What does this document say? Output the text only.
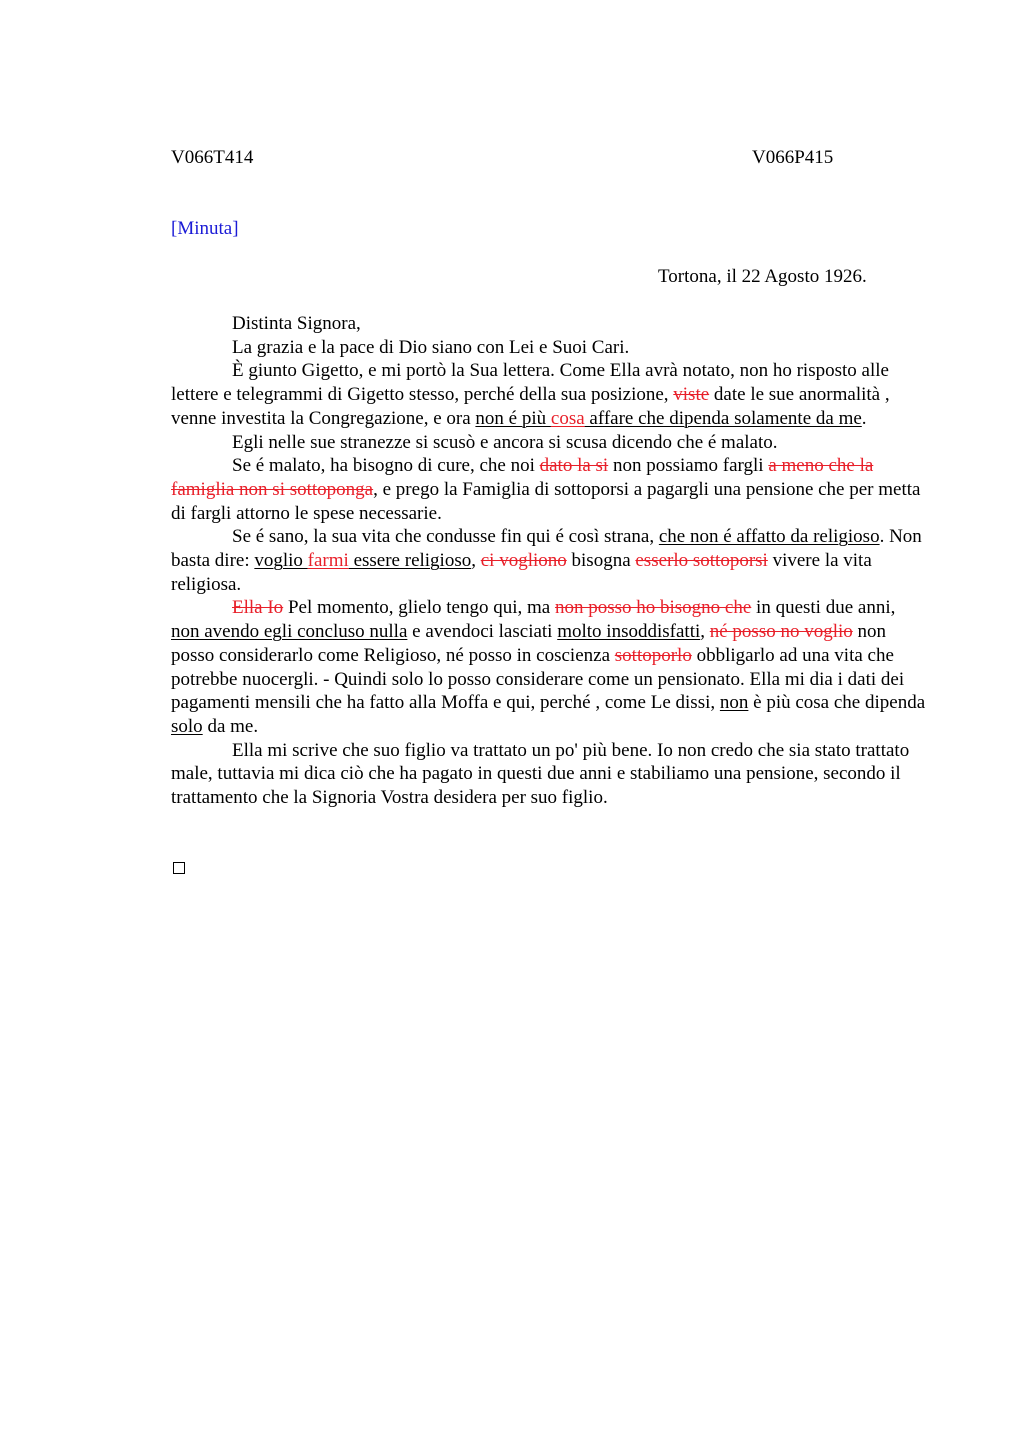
V066T414	V066P415
[Minuta]
Tortona, il 22 Agosto 1926.

Distinta Signora,

La grazia e la pace di Dio siano con Lei e Suoi Cari.

È giunto Gigetto, e mi portò la Sua lettera. Come Ella avrà notato, non ho risposto alle lettere e telegrammi di Gigetto stesso, perché della sua posizione, viste date le sue anormalità , venne investita la Congregazione, e ora non é più cosa affare che dipenda solamente da me.

Egli nelle sue stranezze si scusò e ancora si scusa dicendo che é malato.

Se é malato, ha bisogno di cure, che noi dato la si non possiamo fargli a meno che la famiglia non si sottoponga, e prego la Famiglia di sottoporsi a pagargli una pensione che per metta di fargli attorno le spese necessarie.

Se é sano, la sua vita che condusse fin qui é così strana, che non é affatto da religioso. Non basta dire: voglio farmi essere religioso, ci vogliono bisogna esserlo sottoporsi vivere la vita religiosa.

Ella Io Pel momento, glielo tengo qui, ma non posso ho bisogno che in questi due anni, non avendo egli concluso nulla e avendoci lasciati molto insoddisfatti, né posso no voglio non posso considerarlo come Religioso, né posso in coscienza sottoporlo obbligarlo ad una vita che potrebbe nuocergli. - Quindi solo lo posso considerare come un pensionato. Ella mi dia i dati dei pagamenti mensili che ha fatto alla Moffa e qui, perché , come Le dissi, non è più cosa che dipenda solo da me.

Ella mi scrive che suo figlio va trattato un po' più bene. Io non credo che sia stato trattato male, tuttavia mi dica ciò che ha pagato in questi due anni e stabiliamo una pensione, secondo il trattamento che la Signoria Vostra desidera per suo figlio.
